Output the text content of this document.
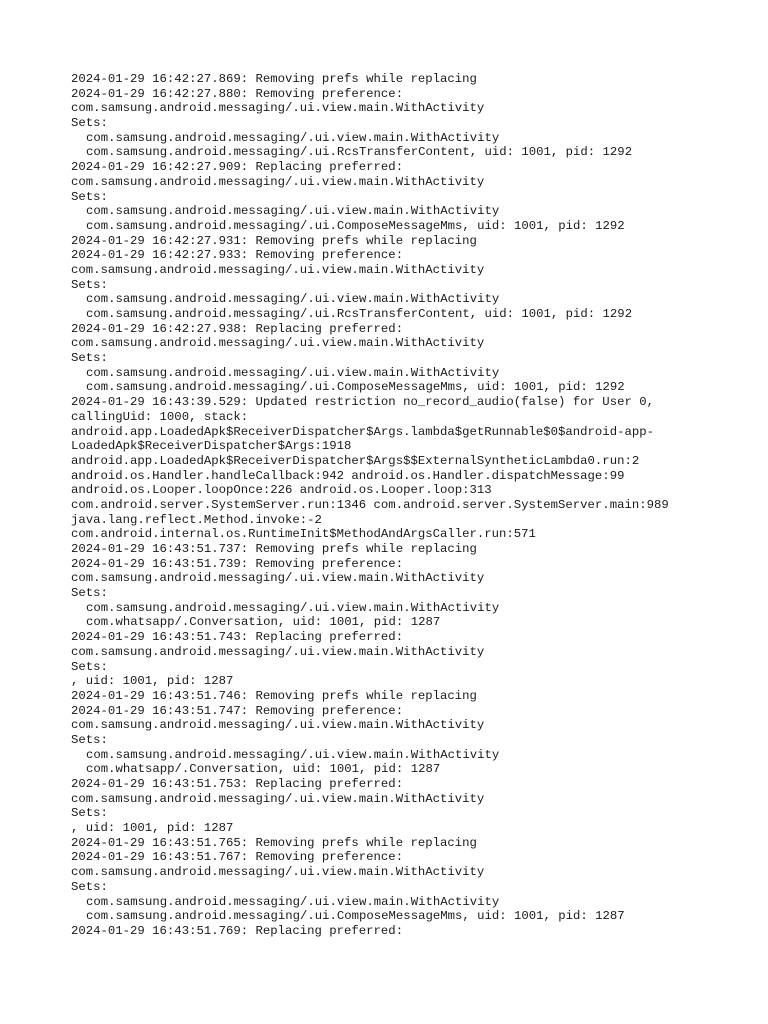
2024-01-29 16:42:27.869: Removing prefs while replacing
2024-01-29 16:42:27.880: Removing preference:
com.samsung.android.messaging/.ui.view.main.WithActivity
Sets:
com.samsung.android.messaging/.ui.view.main.WithActivity
com.samsung.android.messaging/.ui.RcsTransferContent, uid: 1001, pid: 1292
2024-01-29 16:42:27.909: Replacing preferred:
com.samsung.android.messaging/.ui.view.main.WithActivity
Sets:
com.samsung.android.messaging/.ui.view.main.WithActivity
com.samsung.android.messaging/.ui.ComposeMessageMms, uid: 1001, pid: 1292
2024-01-29 16:42:27.931: Removing prefs while replacing
2024-01-29 16:42:27.933: Removing preference:
com.samsung.android.messaging/.ui.view.main.WithActivity
Sets:
com.samsung.android.messaging/.ui.view.main.WithActivity
com.samsung.android.messaging/.ui.RcsTransferContent, uid: 1001, pid: 1292
2024-01-29 16:42:27.938: Replacing preferred:
com.samsung.android.messaging/.ui.view.main.WithActivity
Sets:
com.samsung.android.messaging/.ui.view.main.WithActivity
com.samsung.android.messaging/.ui.ComposeMessageMms, uid: 1001, pid: 1292
2024-01-29 16:43:39.529: Updated restriction no_record_audio(false) for User 0,
callingUid: 1000, stack:
android.app.LoadedApk$ReceiverDispatcher$Args.lambda$getRunnable$0$android-app-
LoadedApk$ReceiverDispatcher$Args:1918
android.app.LoadedApk$ReceiverDispatcher$Args$$ExternalSyntheticLambda0.run:2
android.os.Handler.handleCallback:942 android.os.Handler.dispatchMessage:99
android.os.Looper.loopOnce:226 android.os.Looper.loop:313
com.android.server.SystemServer.run:1346 com.android.server.SystemServer.main:989
java.lang.reflect.Method.invoke:-2
com.android.internal.os.RuntimeInit$MethodAndArgsCaller.run:571
2024-01-29 16:43:51.737: Removing prefs while replacing
2024-01-29 16:43:51.739: Removing preference:
com.samsung.android.messaging/.ui.view.main.WithActivity
Sets:
com.samsung.android.messaging/.ui.view.main.WithActivity
com.whatsapp/.Conversation, uid: 1001, pid: 1287
2024-01-29 16:43:51.743: Replacing preferred:
com.samsung.android.messaging/.ui.view.main.WithActivity
Sets:
, uid: 1001, pid: 1287
2024-01-29 16:43:51.746: Removing prefs while replacing
2024-01-29 16:43:51.747: Removing preference:
com.samsung.android.messaging/.ui.view.main.WithActivity
Sets:
com.samsung.android.messaging/.ui.view.main.WithActivity
com.whatsapp/.Conversation, uid: 1001, pid: 1287
2024-01-29 16:43:51.753: Replacing preferred:
com.samsung.android.messaging/.ui.view.main.WithActivity
Sets:
, uid: 1001, pid: 1287
2024-01-29 16:43:51.765: Removing prefs while replacing
2024-01-29 16:43:51.767: Removing preference:
com.samsung.android.messaging/.ui.view.main.WithActivity
Sets:
com.samsung.android.messaging/.ui.view.main.WithActivity
com.samsung.android.messaging/.ui.ComposeMessageMms, uid: 1001, pid: 1287
2024-01-29 16:43:51.769: Replacing preferred:
